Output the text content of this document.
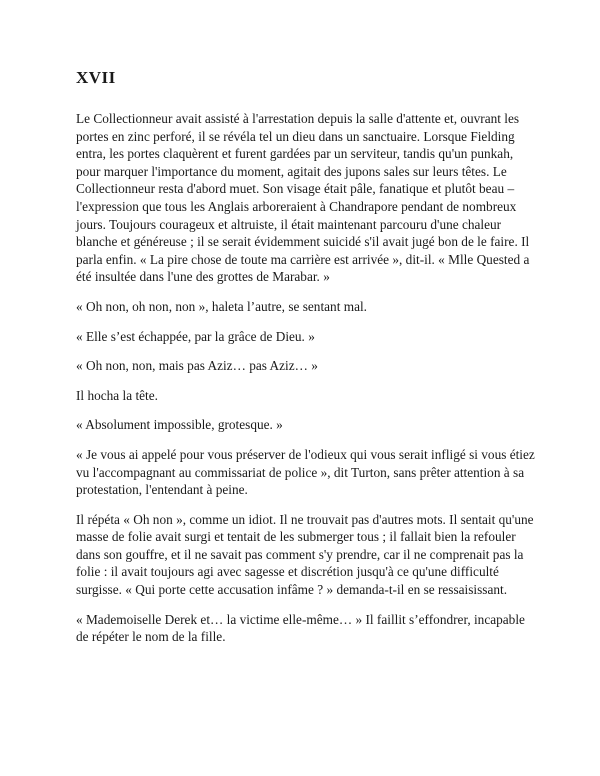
XVII

Le Collectionneur avait assisté à l'arrestation depuis la salle d'attente et, ouvrant les portes en zinc perforé, il se révéla tel un dieu dans un sanctuaire. Lorsque Fielding entra, les portes claquèrent et furent gardées par un serviteur, tandis qu'un punkah, pour marquer l'importance du moment, agitait des jupons sales sur leurs têtes. Le Collectionneur resta d'abord muet. Son visage était pâle, fanatique et plutôt beau – l'expression que tous les Anglais arboreraient à Chandrapore pendant de nombreux jours. Toujours courageux et altruiste, il était maintenant parcouru d'une chaleur blanche et généreuse ; il se serait évidemment suicidé s'il avait jugé bon de le faire. Il parla enfin. « La pire chose de toute ma carrière est arrivée », dit-il. « Mlle Quested a été insultée dans l'une des grottes de Marabar. »

« Oh non, oh non, non », haleta l’autre, se sentant mal.

« Elle s’est échappée, par la grâce de Dieu. »

« Oh non, non, mais pas Aziz… pas Aziz… »

Il hocha la tête.

« Absolument impossible, grotesque. »

« Je vous ai appelé pour vous préserver de l'odieux qui vous serait infligé si vous étiez vu l'accompagnant au commissariat de police », dit Turton, sans prêter attention à sa protestation, l'entendant à peine.

Il répéta « Oh non », comme un idiot. Il ne trouvait pas d'autres mots. Il sentait qu'une masse de folie avait surgi et tentait de les submerger tous ; il fallait bien la refouler dans son gouffre, et il ne savait pas comment s'y prendre, car il ne comprenait pas la folie : il avait toujours agi avec sagesse et discrétion jusqu'à ce qu'une difficulté surgisse. « Qui porte cette accusation infâme ? » demanda-t-il en se ressaisissant.

« Mademoiselle Derek et… la victime elle-même… » Il faillit s’effondrer, incapable de répéter le nom de la fille.
